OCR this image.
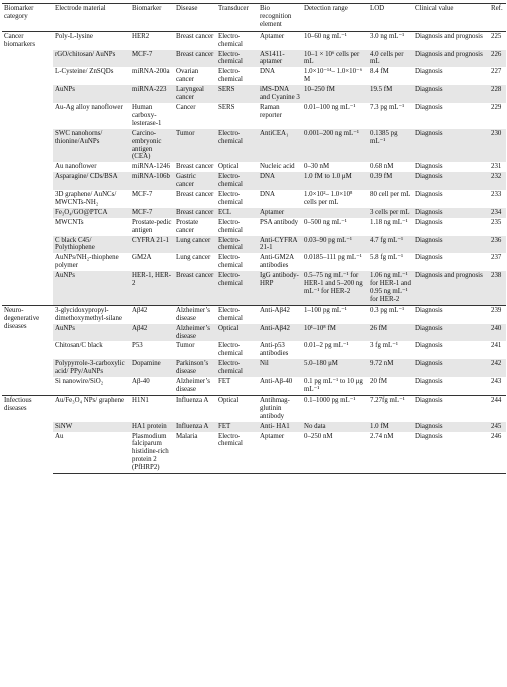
Biomarker category	Electrode material	Biomarker	Disease	Transducer	Bio recognition element	Detection range	LOD	Clinical value	Ref.
Cancer biomarkers	Poly-L-lysine	HER2	Breast cancer	Electro-chemical	Aptamer	10–60 ng mL⁻¹	3.0 ng mL⁻¹	Diagnosis and prognosis	225
	rGO/chitosan/ AuNPs	MCF-7	Breast cancer	Electro-chemical	AS1411-aptamer	10–1 × 10⁶ cells per mL	4.0 cells per mL	Diagnosis and prognosis	226
	L-Cysteine/ ZnSQDs	miRNA-200a	Ovarian cancer	Electro-chemical	DNA	1.0×10⁻¹⁴– 1.0×10⁻⁶ M	8.4 fM	Diagnosis	227
	AuNPs	miRNA-223	Laryngeal cancer	SERS	iMS-DNA and Cyanine 3	10–250 fM	19.5 fM	Diagnosis	228
	Au-Ag alloy nanoflower	Human carboxy-lesterase-1	Cancer	SERS	Raman reporter	0.01–100 ng mL⁻¹	7.3 pg mL⁻¹	Diagnosis	229
	SWC nanohorns/ thionine/AuNPs	Carcino-embryonic antigen (CEA)	Tumor	Electro-chemical	AntiCEA₁	0.001–200 ng mL⁻¹	0.1385 pg mL⁻¹	Diagnosis	230
	Au nanoflower	miRNA-1246	Breast cancer	Optical	Nucleic acid	0–30 nM	0.68 nM	Diagnosis	231
	Asparagine/ CDs/BSA	miRNA-106b	Gastric cancer	Electro-chemical	DNA	1.0 fM to 1.0 μM	0.39 fM	Diagnosis	232
	3D graphene/ AuNCs/ MWCNTs-NH₂	MCF-7	Breast cancer	Electro-chemical	DNA	1.0×10²– 1.0×10⁸ cells per mL	80 cell per mL	Diagnosis	233
	Fe₃O₄/GO@PTCA	MCF-7	Breast cancer	ECL	Aptamer		3 cells per mL	Diagnosis	234
	MWCNTs	Prostate-pedic antigen	Prostate cancer	Electro-chemical	PSA antibody	0–500 ng mL⁻¹	1.18 ng mL⁻¹	Diagnosis	235
	C black C45/ Polythiophene	CYFRA 21-1	Lung cancer	Electro-chemical	Anti-CYFRA 21-1	0.03–90 pg mL⁻¹	4.7 fg mL⁻¹	Diagnosis	236
	AuNPs/NH₂-thiophene polymer	GM2A	Lung cancer	Electro-chemical	Anti-GM2A antibodies	0.0185–111 pg mL⁻¹	5.8 fg mL⁻¹	Diagnosis	237
	AuNPs	HER-1, HER-2	Breast cancer	Electro-chemical	IgG antibody-HRP	0.5–75 ng mL⁻¹ for HER-1 and 5–200 ng mL⁻¹ for HER-2	1.06 ng mL⁻¹ for HER-1 and 0.95 ng mL⁻¹ for HER-2	Diagnosis and prognosis	238
Neuro-degenerative diseases	3-glycidoxypropyl-dimethoxymethyl-silane	Aβ42	Alzheimer’s disease	Electro-chemical	Anti-Aβ42	1–100 pg mL⁻¹	0.3 pg mL⁻¹	Diagnosis	239
	AuNPs	Aβ42	Alzheimer’s disease	Optical	Anti-Aβ42	10¹–10⁸ fM	26 fM	Diagnosis	240
	Chitosan/C black	P53	Tumor	Electro-chemical	Anti-p53 antibodies	0.01–2 pg mL⁻¹	3 fg mL⁻¹	Diagnosis	241
	Polypyrrole-3-carboxylic acid/ PPy/AuNPs	Dopamine	Parkinson’s disease	Electro-chemical	Nil	5.0–180 μM	9.72 nM	Diagnosis	242
	Si nanowire/SiO₂	Aβ-40	Alzheimer’s disease	FET	Anti-Aβ-40	0.1 pg mL⁻¹ to 10 μg mL⁻¹	20 fM	Diagnosis	243
Infectious diseases	Au/Fe₃O₄ NPs/ graphene	H1N1	Influenza A	Optical	Antihmag-glutinin antibody	0.1–1000 pg mL⁻¹	7.27fg mL⁻¹	Diagnosis	244
	SiNW	HA1 protein	Influenza A	FET	Anti- HA1	No data	1.0 fM	Diagnosis	245
	Au	Plasmodium falciparum histidine-rich protein 2 (PfHRP2)	Malaria	Electro-chemical	Aptamer	0–250 nM	2.74 nM	Diagnosis	246
